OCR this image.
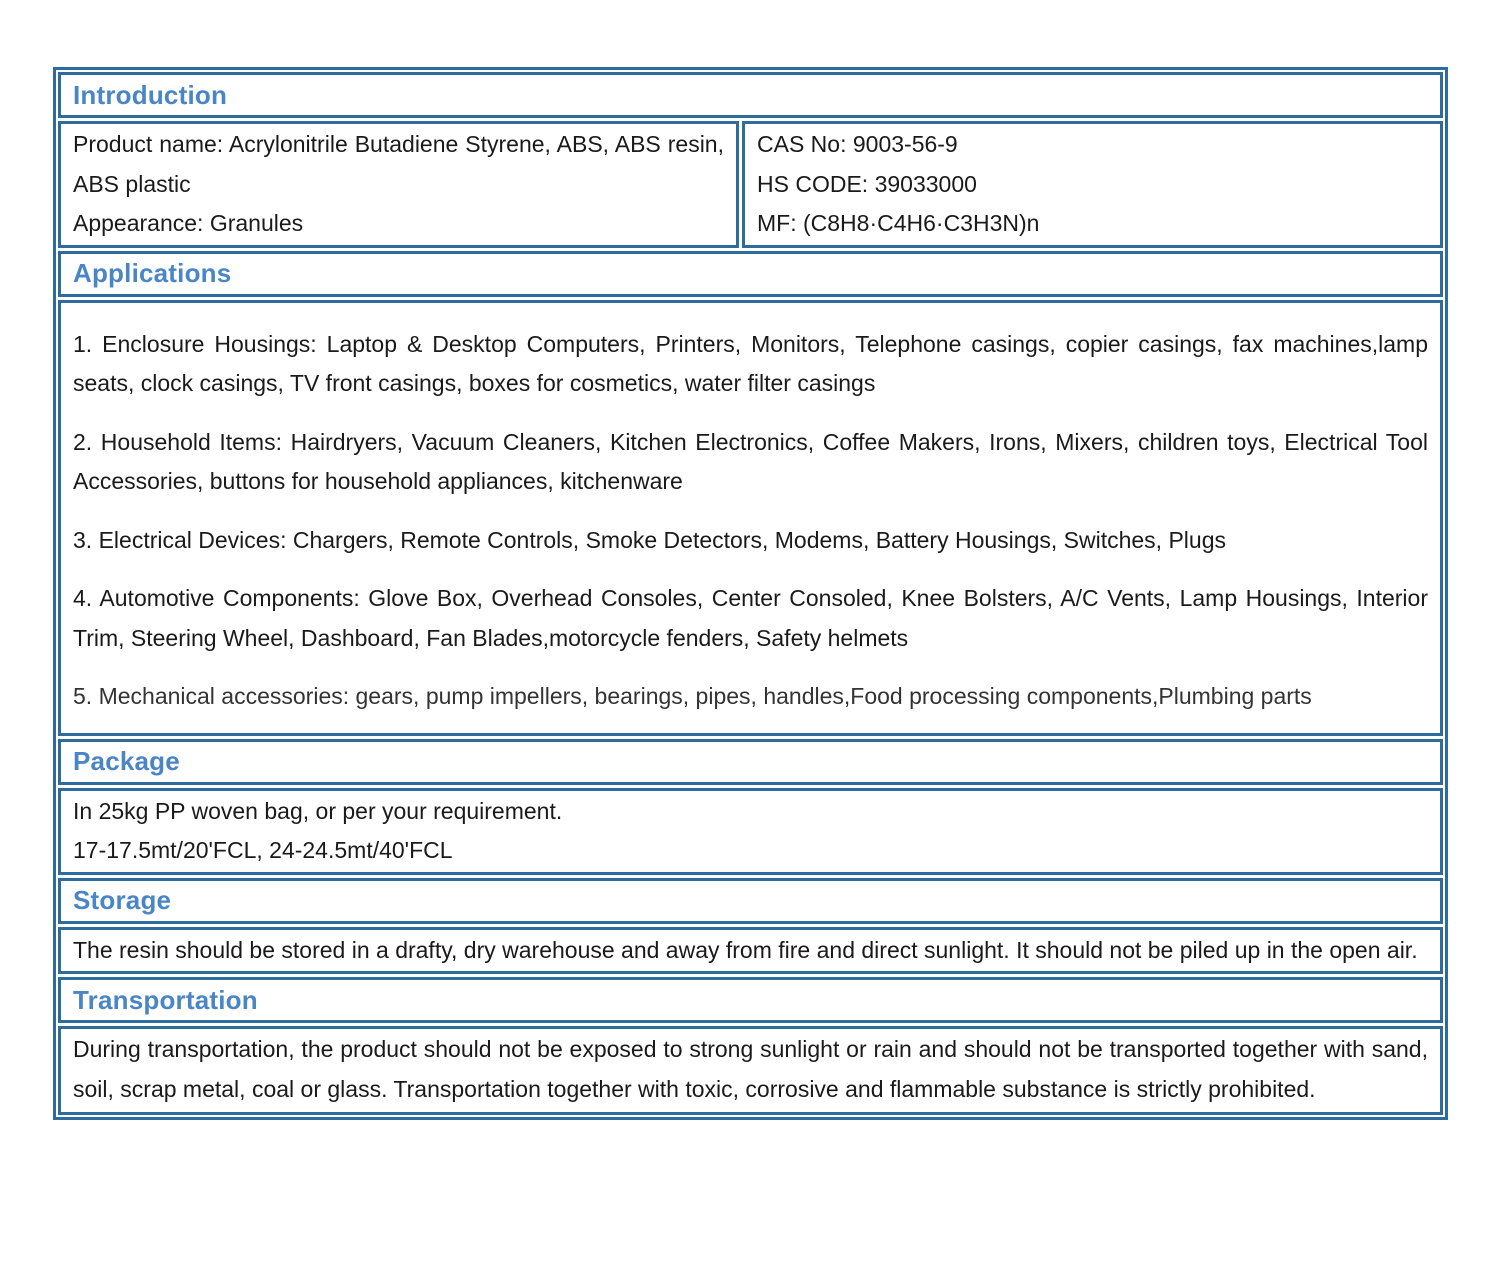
Introduction

Product name: Acrylonitrile Butadiene Styrene, ABS, ABS resin, ABS plastic

Appearance: Granules

CAS No: 9003-56-9

HS CODE: 39033000

MF: (C8H8·C4H6·C3H3N)n

Applications

1. Enclosure Housings: Laptop & Desktop Computers, Printers, Monitors, Telephone casings, copier casings, fax machines,lamp seats, clock casings, TV front casings, boxes for cosmetics, water filter casings

2. Household Items: Hairdryers, Vacuum Cleaners, Kitchen Electronics, Coffee Makers, Irons, Mixers, children toys, Electrical Tool Accessories, buttons for household appliances, kitchenware

3. Electrical Devices: Chargers, Remote Controls, Smoke Detectors, Modems, Battery Housings, Switches, Plugs

4. Automotive Components: Glove Box, Overhead Consoles, Center Consoled, Knee Bolsters, A/C Vents, Lamp Housings, Interior Trim, Steering Wheel, Dashboard, Fan Blades,motorcycle fenders, Safety helmets

5. Mechanical accessories: gears, pump impellers, bearings, pipes, handles,Food processing components,Plumbing parts

Package

In 25kg PP woven bag, or per your requirement.

17-17.5mt/20'FCL, 24-24.5mt/40'FCL

Storage

The resin should be stored in a drafty, dry warehouse and away from fire and direct sunlight. It should not be piled up in the open air.

Transportation

During transportation, the product should not be exposed to strong sunlight or rain and should not be transported together with sand, soil, scrap metal, coal or glass. Transportation together with toxic, corrosive and flammable substance is strictly prohibited.
